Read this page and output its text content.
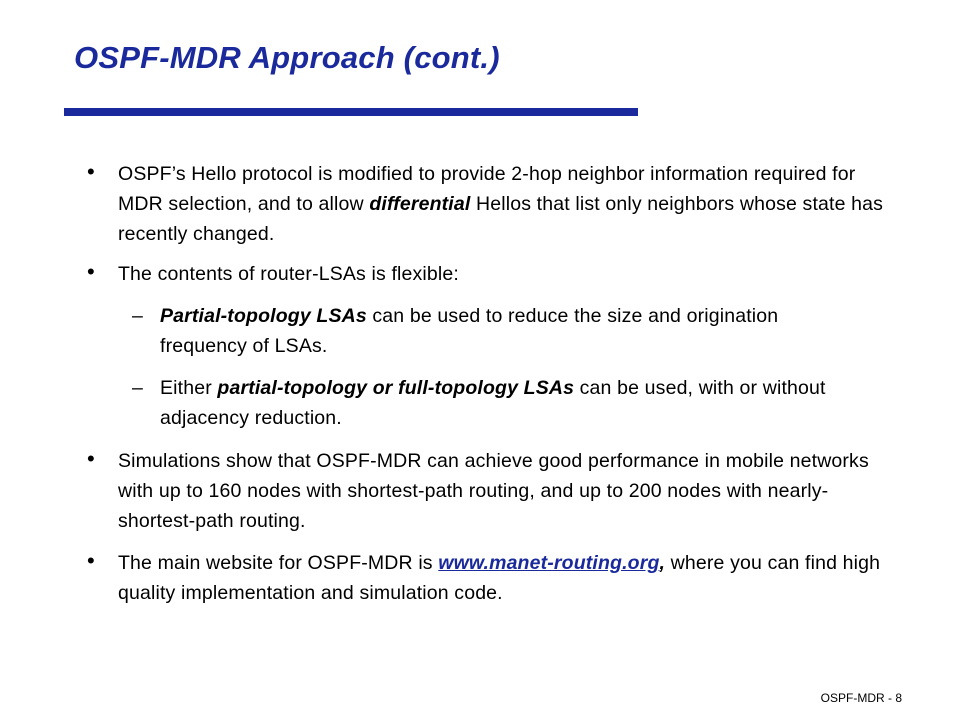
OSPF-MDR Approach (cont.)
• OSPF’s Hello protocol is modified to provide 2-hop neighbor information required for MDR selection, and to allow differential Hellos that list only neighbors whose state has recently changed.
• The contents of router-LSAs is flexible:
– Partial-topology LSAs can be used to reduce the size and origination frequency of LSAs.
– Either partial-topology or full-topology LSAs can be used, with or without adjacency reduction.
• Simulations show that OSPF-MDR can achieve good performance in mobile networks with up to 160 nodes with shortest-path routing, and up to 200 nodes with nearly-shortest-path routing.
• The main website for OSPF-MDR is www.manet-routing.org, where you can find high quality implementation and simulation code.
OSPF-MDR - 8
